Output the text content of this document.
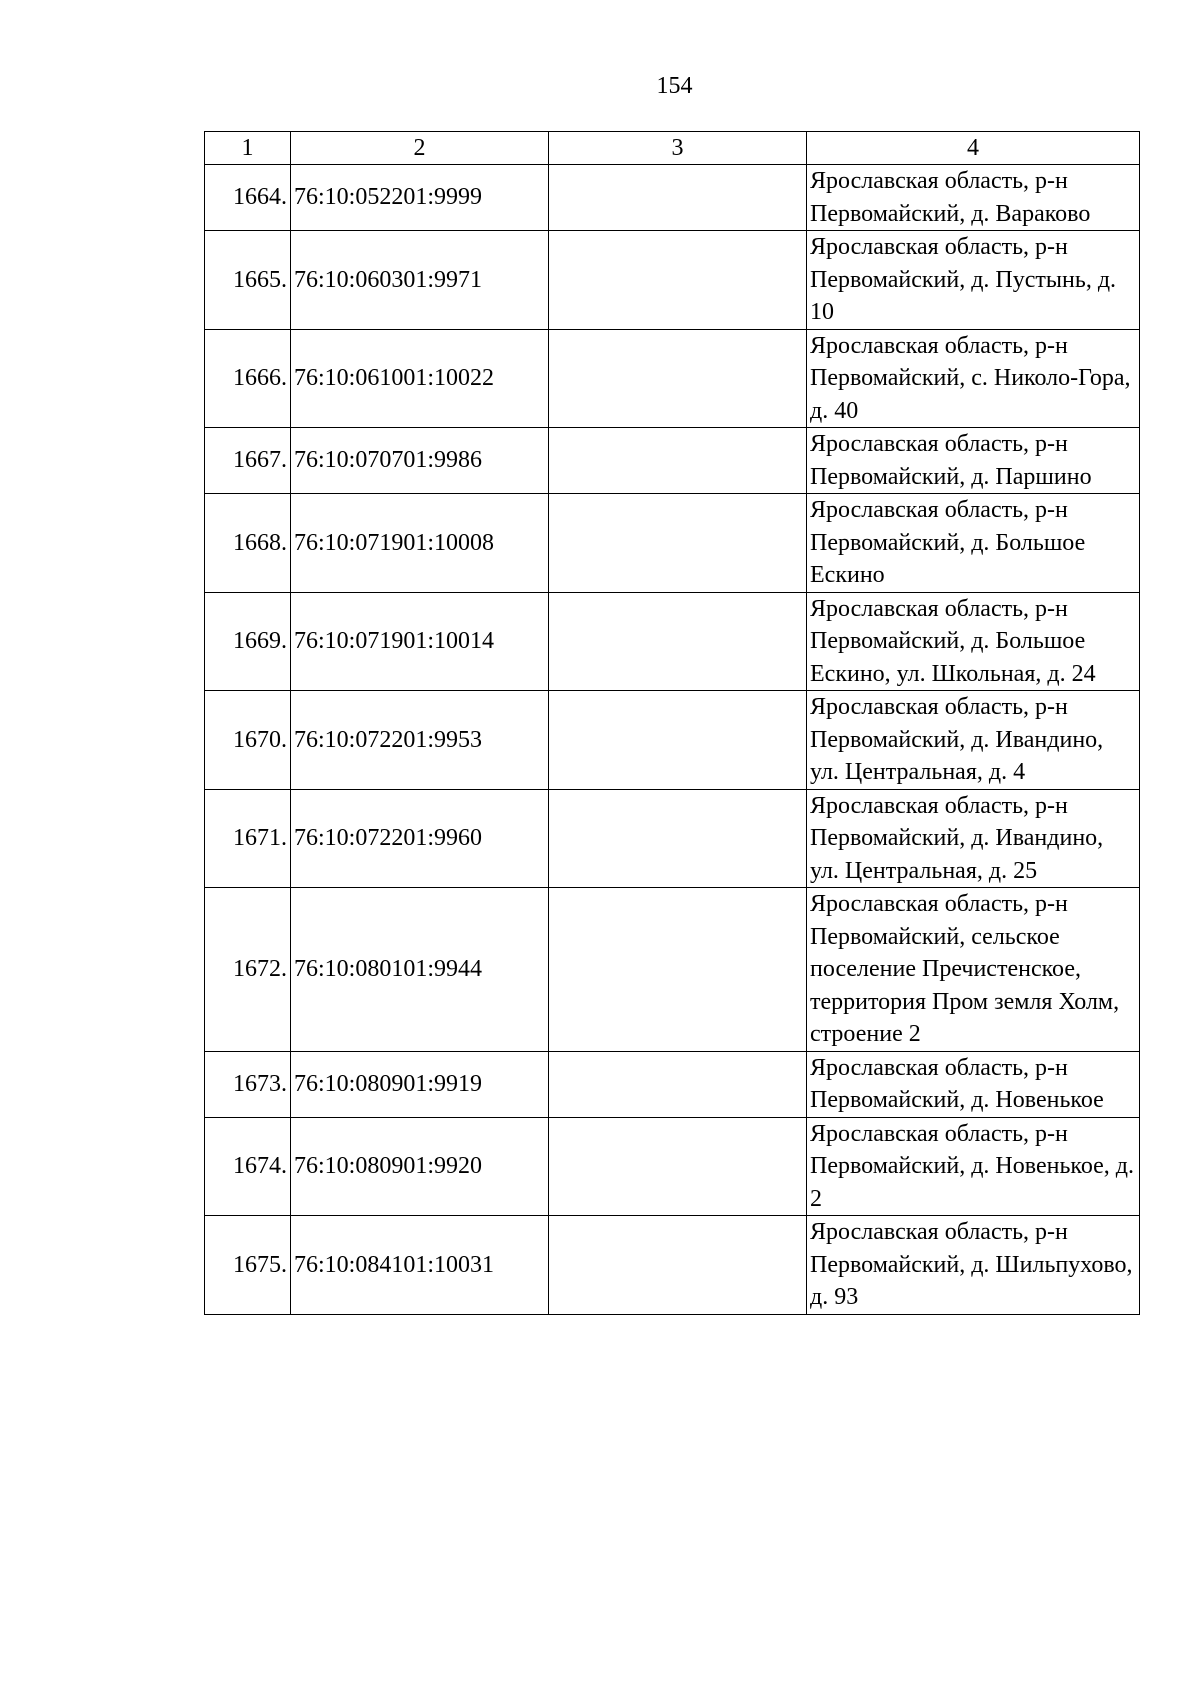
154
1	2	3	4
1664.	76:10:052201:9999		Ярославская область, р-н Первомайский, д. Вараково
1665.	76:10:060301:9971		Ярославская область, р-н Первомайский, д. Пустынь, д. 10
1666.	76:10:061001:10022		Ярославская область, р-н Первомайский, с. Николо-Гора, д. 40
1667.	76:10:070701:9986		Ярославская область, р-н Первомайский, д. Паршино
1668.	76:10:071901:10008		Ярославская область, р-н Первомайский, д. Большое Ескино
1669.	76:10:071901:10014		Ярославская область, р-н Первомайский, д. Большое Ескино, ул. Школьная, д. 24
1670.	76:10:072201:9953		Ярославская область, р-н Первомайский, д. Ивандино, ул. Центральная, д. 4
1671.	76:10:072201:9960		Ярославская область, р-н Первомайский, д. Ивандино, ул. Центральная, д. 25
1672.	76:10:080101:9944		Ярославская область, р-н Первомайский, сельское поселение Пречистенское, территория Пром земля Холм, строение 2
1673.	76:10:080901:9919		Ярославская область, р-н Первомайский, д. Новенькое
1674.	76:10:080901:9920		Ярославская область, р-н Первомайский, д. Новенькое, д. 2
1675.	76:10:084101:10031		Ярославская область, р-н Первомайский, д. Шильпухово, д. 93
